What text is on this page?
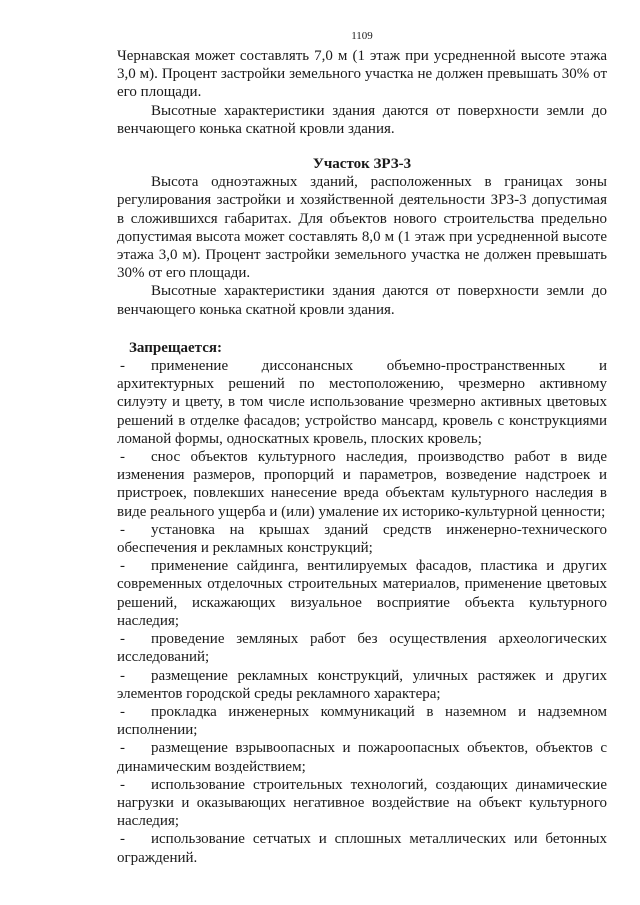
1109

Чернавская может составлять 7,0 м (1 этаж при усредненной высоте этажа 3,0 м). Процент застройки земельного участка не должен превышать 30% от его площади.

Высотные характеристики здания даются от поверхности земли до венчающего конька скатной кровли здания.

Участок ЗРЗ-3

Высота одноэтажных зданий, расположенных в границах зоны регулирования застройки и хозяйственной деятельности ЗРЗ-3 допустимая в сложившихся габаритах. Для объектов нового строительства предельно допустимая высота может составлять 8,0 м (1 этаж при усредненной высоте этажа 3,0 м). Процент застройки земельного участка не должен превышать 30% от его площади.

Высотные характеристики здания даются от поверхности земли до венчающего конька скатной кровли здания.

Запрещается:

- применение диссонансных объемно-пространственных и архитектурных решений по местоположению, чрезмерно активному силуэту и цвету, в том числе использование чрезмерно активных цветовых решений в отделке фасадов; устройство мансард, кровель с конструкциями ломаной формы, односкатных кровель, плоских кровель;

- снос объектов культурного наследия, производство работ в виде изменения размеров, пропорций и параметров, возведение надстроек и пристроек, повлекших нанесение вреда объектам культурного наследия в виде реального ущерба и (или) умаление их историко-культурной ценности;

- установка на крышах зданий средств инженерно-технического обеспечения и рекламных конструкций;

- применение сайдинга, вентилируемых фасадов, пластика и других современных отделочных строительных материалов, применение цветовых решений, искажающих визуальное восприятие объекта культурного наследия;

- проведение земляных работ без осуществления археологических исследований;

- размещение рекламных конструкций, уличных растяжек и других элементов городской среды рекламного характера;

- прокладка инженерных коммуникаций в наземном и надземном исполнении;

- размещение взрывоопасных и пожароопасных объектов, объектов с динамическим воздействием;

- использование строительных технологий, создающих динамические нагрузки и оказывающих негативное воздействие на объект культурного наследия;

- использование сетчатых и сплошных металлических или бетонных ограждений.
